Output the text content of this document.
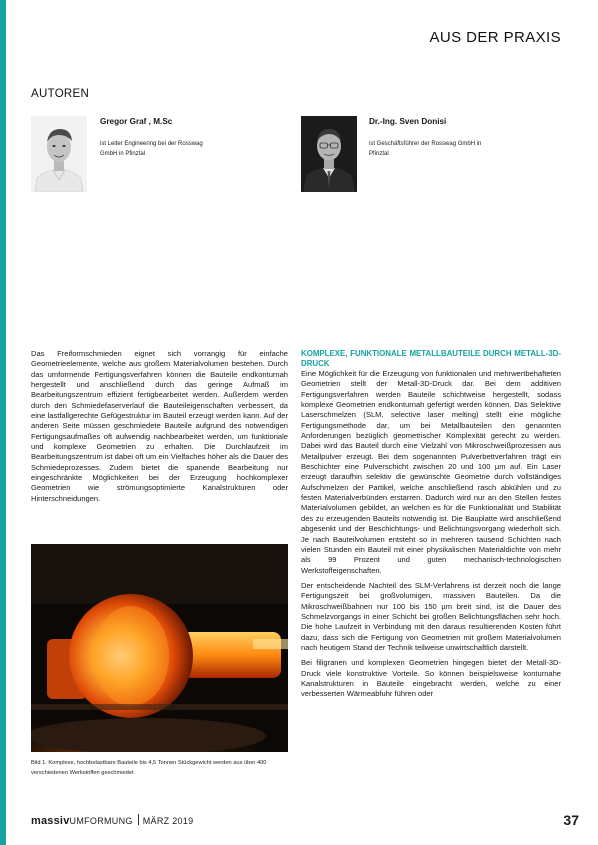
AUS DER PRAXIS
AUTOREN
Gregor Graf , M.Sc
ist Leiter Engineering bei der Rosswag GmbH in Pfinztal
Dr.-Ing. Sven Donisi
ist Geschäftsführer der Rosswag GmbH in Pfinztal

Das Freiformschmieden eignet sich vorrangig für einfache Geometrieelemente, welche aus großem Materialvolumen bestehen. Durch das umformende Fertigungsverfahren können die Bauteile endkonturnah hergestellt und anschließend durch das geringe Aufmaß im Bearbeitungszentrum effizient fertigbearbeitet werden. Außerdem werden durch den Schmiedefaserverlauf die Bauteileigenschaften verbessert, da eine lastfallgerechte Gefügestruktur im Bauteil erzeugt werden kann. Auf der anderen Seite müssen geschmiedete Bauteile aufgrund des notwendigen Fertigungsaufmaßes oft aufwendig nachbearbeitet werden, um funktionale und komplexe Geometrien zu erhalten. Die Durchlaufzeit im Bearbeitungszentrum ist dabei oft um ein Vielfaches höher als die Dauer des Schmiedeprozesses. Zudem bietet die spanende Bearbeitung nur eingeschränkte Möglichkeiten bei der Erzeugung hochkomplexer Geometrien wie strömungsoptimierte Kanalstrukturen oder Hinterschneidungen.

Bild 1: Komplexe, hochbelastbare Bauteile bis 4,5 Tonnen Stückgewicht werden aus über 400 verschiedenen Werkstoffen geschmiedet
KOMPLEXE, FUNKTIONALE METALLBAUTEILE DURCH METALL-3D-DRUCK

Eine Möglichkeit für die Erzeugung von funktionalen und mehrwertbehafteten Geometrien stellt der Metall-3D-Druck dar. Bei dem additiven Fertigungsverfahren werden Bauteile schichtweise hergestellt, sodass komplexe Geometrien endkonturnah gefertigt werden können. Das Selektive Laserschmelzen (SLM, selective laser melting) stellt eine mögliche Fertigungsmethode dar, um bei Metallbauteilen den genannten Anforderungen bezüglich geometrischer Komplexität gerecht zu werden. Dabei wird das Bauteil durch eine Vielzahl von Mikroschweißprozessen aus Metallpulver erzeugt. Bei dem sogenannten Pulverbettverfahren trägt ein Beschichter eine Pulverschicht zwischen 20 und 100 µm auf. Ein Laser erzeugt daraufhin selektiv die gewünschte Geometrie durch vollständiges Aufschmelzen der Partikel, welche anschließend rasch abkühlen und zu festen Materialverbünden erstarren. Dadurch wird nur an den Stellen festes Materialvolumen gebildet, an welchen es für die Funktionalität und Stabilität des zu erzeugenden Bauteils notwendig ist. Die Bauplatte wird anschließend abgesenkt und der Beschichtungs- und Belichtungsvorgang wiederholt sich. Je nach Bauteilvolumen entsteht so in mehreren tausend Schichten nach vielen Stunden ein Bauteil mit einer physikalischen Materialdichte von mehr als 99 Prozent und guten mechanisch-technologischen Werkstoffeigenschaften.

Der entscheidende Nachteil des SLM-Verfahrens ist derzeit noch die lange Fertigungszeit bei großvolumigen, massiven Bauteilen. Da die Mikroschweißbahnen nur 100 bis 150 µm breit sind, ist die Dauer des Schmelzvorgangs in einer Schicht bei großen Belichtungsflächen sehr hoch. Die hohe Laufzeit in Verbindung mit den daraus resultierenden Kosten führt dazu, dass sich die Fertigung von Geometrien mit großem Materialvolumen nach heutigem Stand der Technik teilweise unwirtschaftlich darstellt.

Bei filigranen und komplexen Geometrien hingegen bietet der Metall-3D-Druck viele konstruktive Vorteile. So können beispielsweise konturnahe Kanalstrukturen in Bauteile eingebracht werden, welche zu einer verbesserten Wärmeabfuhr führen oder

massivUMFORMUNG MÄRZ 2019	37
